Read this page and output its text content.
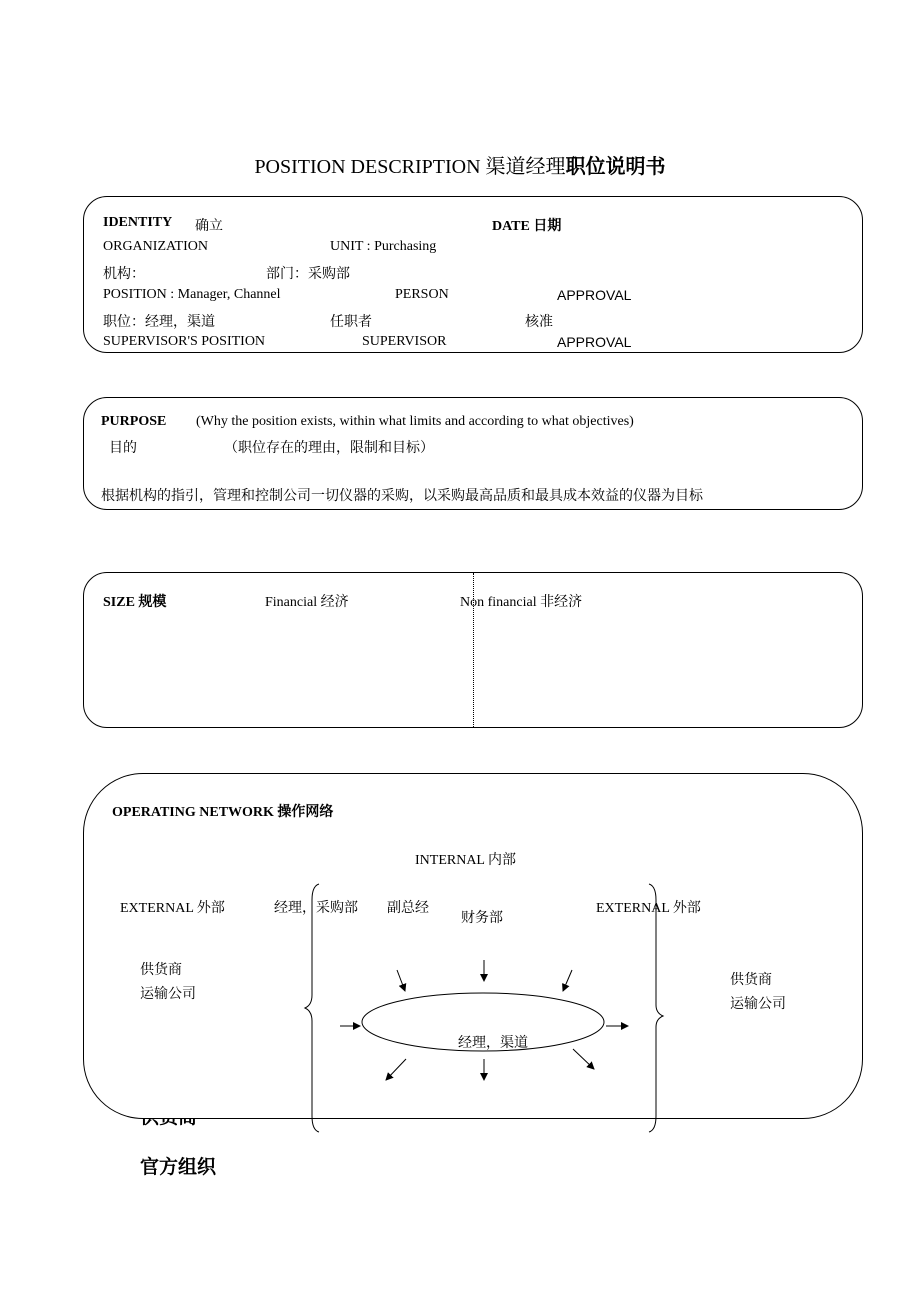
POSITION DESCRIPTION 渠道经理职位说明书
IDENTITY 确立	DATE 日期
ORGANIZATION	UNIT : Purchasing
机构：	部门：采购部
POSITION : Manager, Channel	PERSON	APPROVAL
职位：经理，渠道	任职者	核准
SUPERVISOR'S POSITION	SUPERVISOR	APPROVAL
PURPOSE (Why the position exists, within what limits and according to what objectives)
目的	（职位存在的理由，限制和目标）
根据机构的指引，管理和控制公司一切仪器的采购，以采购最高品质和最具成本效益的仪器为目标
SIZE 规模	Financial 经济	Non financial 非经济
官方组织
OPERATING NETWORK 操作网络
INTERNAL 内部
EXTERNAL 外部	经理，采购部 副总经
财务部
EXTERNAL 外部
供货商
运输公司
供货商
运输公司
经理，渠道
